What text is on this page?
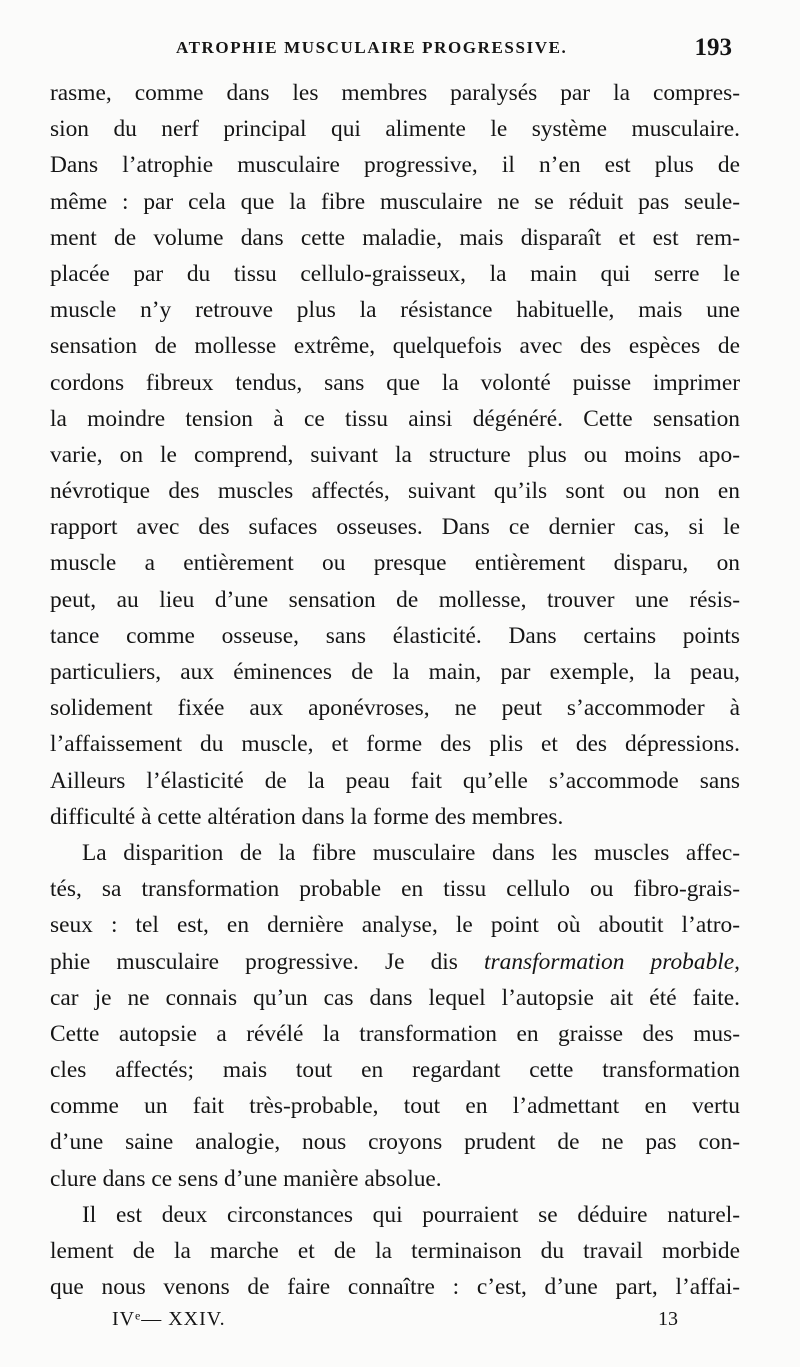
ATROPHIE MUSCULAIRE PROGRESSIVE.	193
rasme, comme dans les membres paralysés par la compres-
sion du nerf principal qui alimente le système musculaire.
Dans l’atrophie musculaire progressive, il n’en est plus de
même : par cela que la fibre musculaire ne se réduit pas seule-
ment de volume dans cette maladie, mais disparaît et est rem-
placée par du tissu cellulo-graisseux, la main qui serre le
muscle n’y retrouve plus la résistance habituelle, mais une
sensation de mollesse extrême, quelquefois avec des espèces de
cordons fibreux tendus, sans que la volonté puisse imprimer
la moindre tension à ce tissu ainsi dégénéré. Cette sensation
varie, on le comprend, suivant la structure plus ou moins apo-
névrotique des muscles affectés, suivant qu’ils sont ou non en
rapport avec des sufaces osseuses. Dans ce dernier cas, si le
muscle a entièrement ou presque entièrement disparu, on
peut, au lieu d’une sensation de mollesse, trouver une résis-
tance comme osseuse, sans élasticité. Dans certains points
particuliers, aux éminences de la main, par exemple, la peau,
solidement fixée aux aponévroses, ne peut s’accommoder à
l’affaissement du muscle, et forme des plis et des dépressions.
Ailleurs l’élasticité de la peau fait qu’elle s’accommode sans
difficulté à cette altération dans la forme des membres.
La disparition de la fibre musculaire dans les muscles affec-
tés, sa transformation probable en tissu cellulo ou fibro-grais-
seux : tel est, en dernière analyse, le point où aboutit l’atro-
phie musculaire progressive. Je dis transformation probable,
car je ne connais qu’un cas dans lequel l’autopsie ait été faite.
Cette autopsie a révélé la transformation en graisse des mus-
cles affectés; mais tout en regardant cette transformation
comme un fait très-probable, tout en l’admettant en vertu
d’une saine analogie, nous croyons prudent de ne pas con-
clure dans ce sens d’une manière absolue.
Il est deux circonstances qui pourraient se déduire naturel-
lement de la marche et de la terminaison du travail morbide
que nous venons de faire connaître : c’est, d’une part, l’affai-
IVᵉ— XXIV.	13
